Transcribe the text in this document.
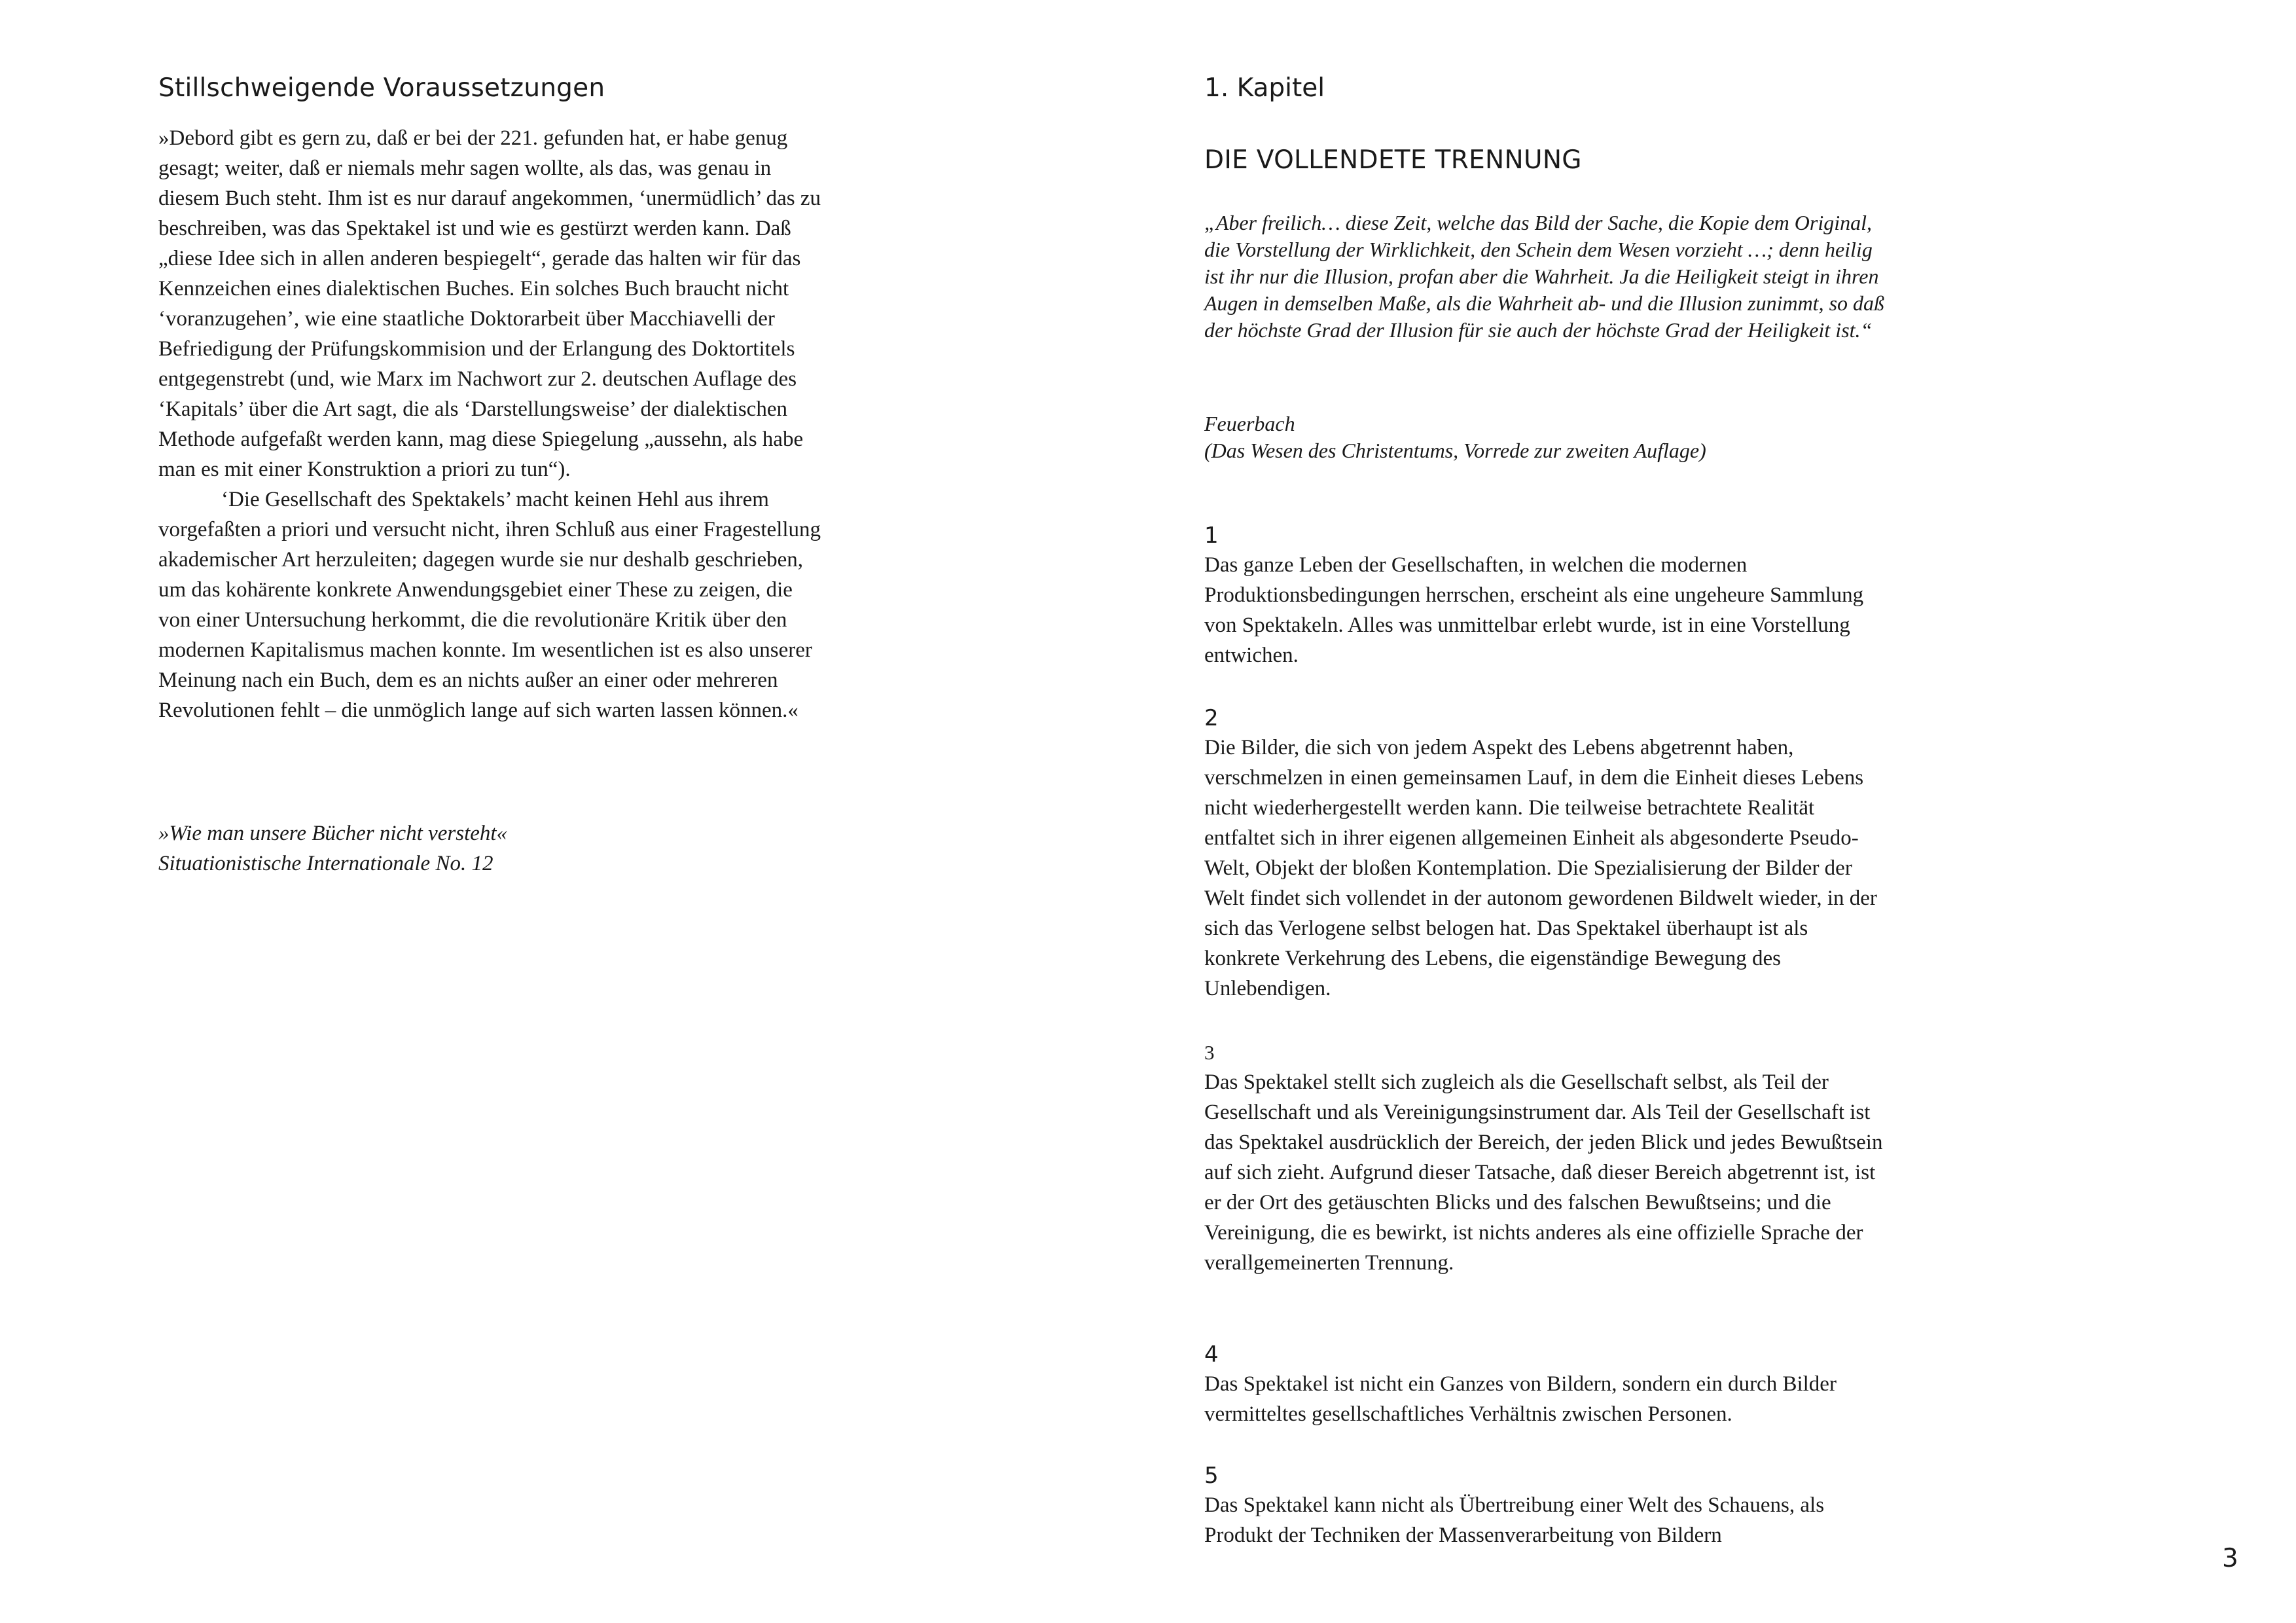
Stillschweigende Voraussetzungen

»Debord gibt es gern zu, daß er bei der 221. gefunden hat, er habe genug gesagt; weiter, daß er niemals mehr sagen wollte, als das, was genau in diesem Buch steht. Ihm ist es nur darauf angekommen, ‘unermüdlich’ das zu beschreiben, was das Spektakel ist und wie es gestürzt werden kann. Daß „diese Idee sich in allen anderen bespiegelt“, gerade das halten wir für das Kennzeichen eines dialektischen Buches. Ein solches Buch braucht nicht ‘voranzugehen’, wie eine staatliche Doktorarbeit über Macchiavelli der Befriedigung der Prüfungskommision und der Erlangung des Doktortitels entgegenstrebt (und, wie Marx im Nachwort zur 2. deutschen Auflage des ‘Kapitals’ über die Art sagt, die als ‘Darstellungsweise’ der dialektischen Methode aufgefaßt werden kann, mag diese Spiegelung „aussehn, als habe man es mit einer Konstruktion a priori zu tun“).

‘Die Gesellschaft des Spektakels’ macht keinen Hehl aus ihrem vorgefaßten a priori und versucht nicht, ihren Schluß aus einer Fragestellung akademischer Art herzuleiten; dagegen wurde sie nur deshalb geschrieben, um das kohärente konkrete Anwendungsgebiet einer These zu zeigen, die von einer Untersuchung herkommt, die die revolutionäre Kritik über den modernen Kapitalismus machen konnte. Im wesentlichen ist es also unserer Meinung nach ein Buch, dem es an nichts außer an einer oder mehreren Revolutionen fehlt – die unmöglich lange auf sich warten lassen können.«

»Wie man unsere Bücher nicht versteht«
Situationistische Internationale No. 12
1. Kapitel
DIE VOLLENDETE TRENNUNG
„Aber freilich… diese Zeit, welche das Bild der Sache, die Kopie dem Original, die Vorstellung der Wirklichkeit, den Schein dem Wesen vorzieht …; denn heilig ist ihr nur die Illusion, profan aber die Wahrheit. Ja die Heiligkeit steigt in ihren Augen in demselben Maße, als die Wahrheit ab- und die Illusion zunimmt, so daß der höchste Grad der Illusion für sie auch der höchste Grad der Heiligkeit ist.“
Feuerbach
(Das Wesen des Christentums, Vorrede zur zweiten Auflage)
1
Das ganze Leben der Gesellschaften, in welchen die modernen Produktionsbedingungen herrschen, erscheint als eine ungeheure Sammlung von Spektakeln. Alles was unmittelbar erlebt wurde, ist in eine Vorstellung entwichen.
2
Die Bilder, die sich von jedem Aspekt des Lebens abgetrennt haben, verschmelzen in einen gemeinsamen Lauf, in dem die Einheit dieses Lebens nicht wiederhergestellt werden kann. Die teilweise betrachtete Realität entfaltet sich in ihrer eigenen allgemeinen Einheit als abgesonderte Pseudo-Welt, Objekt der bloßen Kontemplation. Die Spezialisierung der Bilder der Welt findet sich vollendet in der autonom gewordenen Bildwelt wieder, in der sich das Verlogene selbst belogen hat. Das Spektakel überhaupt ist als konkrete Verkehrung des Lebens, die eigenständige Bewegung des Unlebendigen.
3
Das Spektakel stellt sich zugleich als die Gesellschaft selbst, als Teil der Gesellschaft und als Vereinigungsinstrument dar. Als Teil der Gesellschaft ist das Spektakel ausdrücklich der Bereich, der jeden Blick und jedes Bewußtsein auf sich zieht. Aufgrund dieser Tatsache, daß dieser Bereich abgetrennt ist, ist er der Ort des getäuschten Blicks und des falschen Bewußtseins; und die Vereinigung, die es bewirkt, ist nichts anderes als eine offizielle Sprache der verallgemeinerten Trennung.
4
Das Spektakel ist nicht ein Ganzes von Bildern, sondern ein durch Bilder vermitteltes gesellschaftliches Verhältnis zwischen Personen.
5
Das Spektakel kann nicht als Übertreibung einer Welt des Schauens, als Produkt der Techniken der Massenverarbeitung von Bildern
3
